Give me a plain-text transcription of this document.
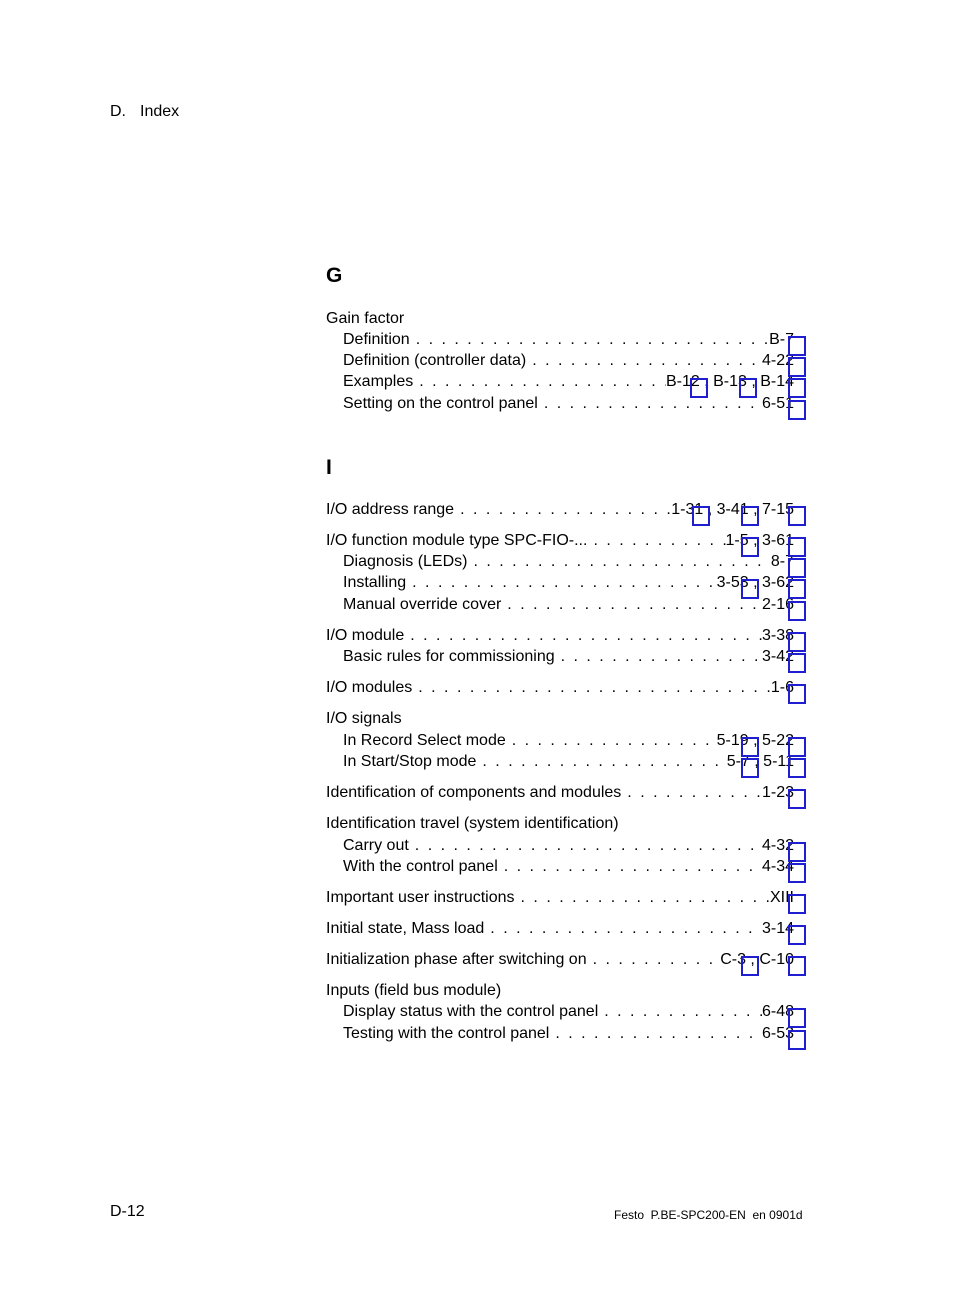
D. Index
G
Gain factor
Definition . . .	B-7
Definition (controller data) . . .	4-22
Examples . . .	B-12 , B-13 , B-14
Setting on the control panel . . .	6-51
I
I/O address range . . .	1-31 , 3-41 , 7-15
I/O function module type SPC-FIO-... . . .	1-5 , 3-61
Diagnosis (LEDs) . . .	8-7
Installing . . .	3-53 , 3-62
Manual override cover . . .	2-16
I/O module . . .	3-38
Basic rules for commissioning . . .	3-42
I/O modules . . .	1-6
I/O signals
In Record Select mode . . .	5-19 , 5-22
In Start/Stop mode . . .	5-7 , 5-11
Identification of components and modules . . .	1-23
Identification travel (system identification)
Carry out . . .	4-32
With the control panel . . .	4-34
Important user instructions . . .	XIII
Initial state, Mass load . . .	3-14
Initialization phase after switching on . . .	C-3 , C-10
Inputs (field bus module)
Display status with the control panel . . .	6-48
Testing with the control panel . . .	6-53
D-12	Festo  P.BE-SPC200-EN  en 0901d
